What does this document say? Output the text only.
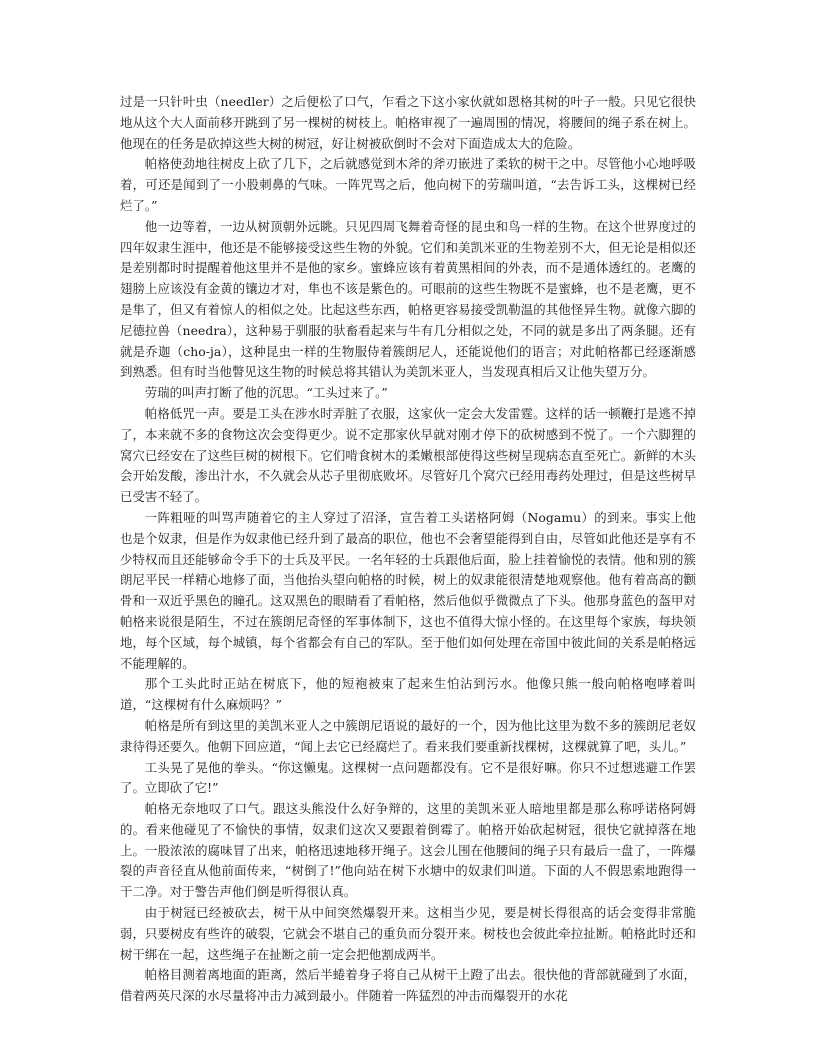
过是一只针叶虫（needler）之后便松了口气，乍看之下这小家伙就如恩格其树的叶子一般。只见它很快地从这个大人面前移开跳到了另一棵树的树枝上。帕格审视了一遍周围的情况，将腰间的绳子系在树上。他现在的任务是砍掉这些大树的树冠，好让树被砍倒时不会对下面造成太大的危险。

帕格使劲地往树皮上砍了几下，之后就感觉到木斧的斧刃嵌进了柔软的树干之中。尽管他小心地呼吸着，可还是闻到了一小股刺鼻的气味。一阵咒骂之后，他向树下的劳瑞叫道，“去告诉工头，这棵树已经烂了。”

他一边等着，一边从树顶朝外远眺。只见四周飞舞着奇怪的昆虫和鸟一样的生物。在这个世界度过的四年奴隶生涯中，他还是不能够接受这些生物的外貌。它们和美凯米亚的生物差别不大，但无论是相似还是差别都时时提醒着他这里并不是他的家乡。蜜蜂应该有着黄黑相间的外表，而不是通体透红的。老鹰的翅膀上应该没有金黄的镶边才对，隼也不该是紫色的。可眼前的这些生物既不是蜜蜂，也不是老鹰，更不是隼了，但又有着惊人的相似之处。比起这些东西，帕格更容易接受凯勒温的其他怪异生物。就像六脚的尼德拉兽（needra），这种易于驯服的驮畜看起来与牛有几分相似之处，不同的就是多出了两条腿。还有就是乔迦（cho-ja），这种昆虫一样的生物服侍着簇朗尼人，还能说他们的语言；对此帕格都已经逐渐感到熟悉。但有时当他瞥见这生物的时候总将其错认为美凯米亚人，当发现真相后又让他失望万分。

劳瑞的叫声打断了他的沉思。“工头过来了。”

帕格低咒一声。要是工头在涉水时弄脏了衣服，这家伙一定会大发雷霆。这样的话一顿鞭打是逃不掉了，本来就不多的食物这次会变得更少。说不定那家伙早就对刚才停下的砍树感到不悦了。一个六脚狸的窝穴已经安在了这些巨树的树根下。它们啃食树木的柔嫩根部使得这些树呈现病态直至死亡。新鲜的木头会开始发酸，渗出汁水，不久就会从芯子里彻底败坏。尽管好几个窝穴已经用毒药处理过，但是这些树早已受害不轻了。

一阵粗哑的叫骂声随着它的主人穿过了沼泽，宣告着工头诺格阿姆（Nogamu）的到来。事实上他也是个奴隶，但是作为奴隶他已经升到了最高的职位，他也不会奢望能得到自由，尽管如此他还是享有不少特权而且还能够命令手下的士兵及平民。一名年轻的士兵跟他后面，脸上挂着愉悦的表情。他和别的簇朗尼平民一样精心地修了面，当他抬头望向帕格的时候，树上的奴隶能很清楚地观察他。他有着高高的颧骨和一双近乎黑色的瞳孔。这双黑色的眼睛看了看帕格，然后他似乎微微点了下头。他那身蓝色的盔甲对帕格来说很是陌生，不过在簇朗尼奇怪的军事体制下，这也不值得大惊小怪的。在这里每个家族，每块领地，每个区域，每个城镇，每个省都会有自己的军队。至于他们如何处理在帝国中彼此间的关系是帕格远不能理解的。

那个工头此时正站在树底下，他的短袍被束了起来生怕沾到污水。他像只熊一般向帕格咆哮着叫道，“这棵树有什么麻烦吗？”

帕格是所有到这里的美凯米亚人之中簇朗尼语说的最好的一个，因为他比这里为数不多的簇朗尼老奴隶待得还要久。他朝下回应道，“闻上去它已经腐烂了。看来我们要重新找棵树，这棵就算了吧，头儿。”

工头晃了晃他的拳头。“你这懒鬼。这棵树一点问题都没有。它不是很好嘛。你只不过想逃避工作罢了。立即砍了它!”

帕格无奈地叹了口气。跟这头熊没什么好争辩的，这里的美凯米亚人暗地里都是那么称呼诺格阿姆的。看来他碰见了不愉快的事情，奴隶们这次又要跟着倒霉了。帕格开始砍起树冠，很快它就掉落在地上。一股浓浓的腐味冒了出来，帕格迅速地移开绳子。这会儿围在他腰间的绳子只有最后一盘了，一阵爆裂的声音径直从他前面传来，“树倒了!”他向站在树下水塘中的奴隶们叫道。下面的人不假思索地跑得一干二净。对于警告声他们倒是听得很认真。

由于树冠已经被砍去，树干从中间突然爆裂开来。这相当少见，要是树长得很高的话会变得非常脆弱，只要树皮有些许的破裂，它就会不堪自己的重负而分裂开来。树枝也会彼此牵拉扯断。帕格此时还和树干绑在一起，这些绳子在扯断之前一定会把他割成两半。

帕格目测着离地面的距离，然后半蜷着身子将自己从树干上蹬了出去。很快他的背部就碰到了水面，借着两英尺深的水尽量将冲击力减到最小。伴随着一阵猛烈的冲击而爆裂开的水花
